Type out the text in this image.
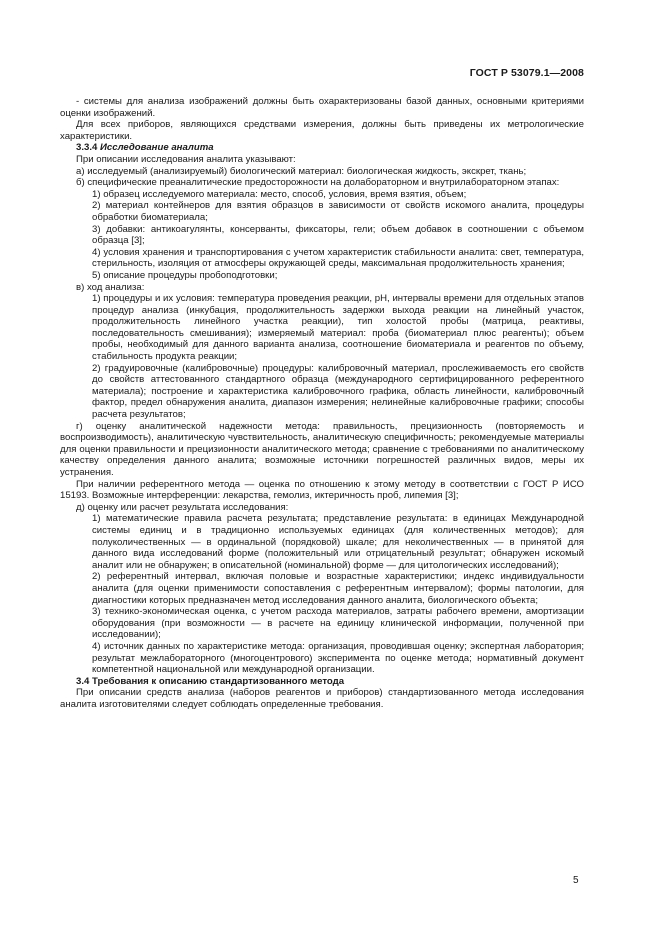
ГОСТ Р 53079.1—2008
- системы для анализа изображений должны быть охарактеризованы базой данных, основными критериями оценки изображений.
Для всех приборов, являющихся средствами измерения, должны быть приведены их метрологические характеристики.
3.3.4 Исследование аналита
При описании исследования аналита указывают:
а) исследуемый (анализируемый) биологический материал: биологическая жидкость, экскрет, ткань;
б) специфические преаналитические предосторожности на долабораторном и внутрилабораторном этапах:
1) образец исследуемого материала: место, способ, условия, время взятия, объем;
2) материал контейнеров для взятия образцов в зависимости от свойств искомого аналита, процедуры обработки биоматериала;
3) добавки: антикоагулянты, консерванты, фиксаторы, гели; объем добавок в соотношении с объемом образца [3];
4) условия хранения и транспортирования с учетом характеристик стабильности аналита: свет, температура, стерильность, изоляция от атмосферы окружающей среды, максимальная продолжительность хранения;
5) описание процедуры пробоподготовки;
в) ход анализа:
1) процедуры и их условия: температура проведения реакции, рН, интервалы времени для отдельных этапов процедур анализа (инкубация, продолжительность задержки выхода реакции на линейный участок, продолжительность линейного участка реакции), тип холостой пробы (матрица, реактивы, последовательность смешивания); измеряемый материал: проба (биоматериал плюс реагенты); объем пробы, необходимый для данного варианта анализа, соотношение биоматериала и реагентов по объему, стабильность продукта реакции;
2) градуировочные (калибровочные) процедуры: калибровочный материал, прослеживаемость его свойств до свойств аттестованного стандартного образца (международного сертифицированного референтного материала); построение и характеристика калибровочного графика, область линейности, калибровочный фактор, предел обнаружения аналита, диапазон измерения; нелинейные калибровочные графики; способы расчета результатов;
г) оценку аналитической надежности метода: правильность, прецизионность (повторяемость и воспроизводимость), аналитическую чувствительность, аналитическую специфичность; рекомендуемые материалы для оценки правильности и прецизионности аналитического метода; сравнение с требованиями по аналитическому качеству определения данного аналита; возможные источники погрешностей различных видов, меры их устранения.
При наличии референтного метода — оценка по отношению к этому методу в соответствии с ГОСТ Р ИСО 15193. Возможные интерференции: лекарства, гемолиз, иктеричность проб, липемия [3];
д) оценку или расчет результата исследования:
1) математические правила расчета результата; представление результата: в единицах Международной системы единиц и в традиционно используемых единицах (для количественных методов); для полуколичественных — в ординальной (порядковой) шкале; для неколичественных — в принятой для данного вида исследований форме (положительный или отрицательный результат; обнаружен искомый аналит или не обнаружен; в описательной (номинальной) форме — для цитологических исследований);
2) референтный интервал, включая половые и возрастные характеристики; индекс индивидуальности аналита (для оценки применимости сопоставления с референтным интервалом); формы патологии, для диагностики которых предназначен метод исследования данного аналита, биологического объекта;
3) технико-экономическая оценка, с учетом расхода материалов, затраты рабочего времени, амортизации оборудования (при возможности — в расчете на единицу клинической информации, полученной при исследовании);
4) источник данных по характеристике метода: организация, проводившая оценку; экспертная лаборатория; результат межлабораторного (многоцентрового) эксперимента по оценке метода; нормативный документ компетентной национальной или международной организации.
3.4 Требования к описанию стандартизованного метода
При описании средств анализа (наборов реагентов и приборов) стандартизованного метода исследования аналита изготовителями следует соблюдать определенные требования.
5
